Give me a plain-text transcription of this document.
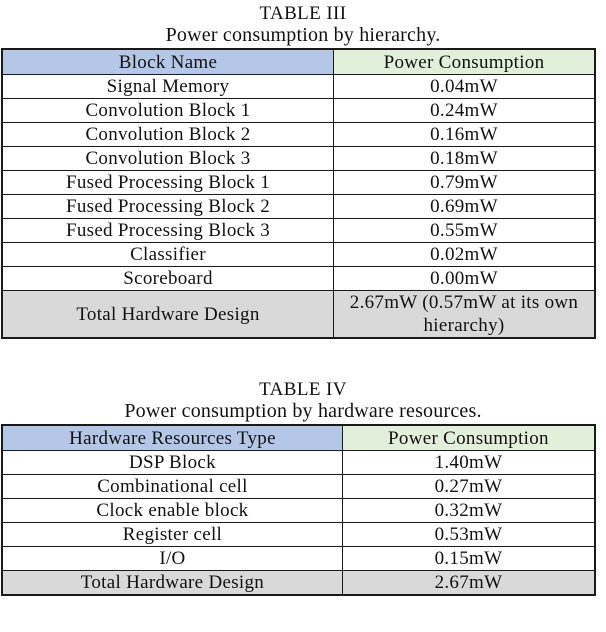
TABLE III
Power consumption by hierarchy.
Block Name	Power Consumption
Signal Memory	0.04mW
Convolution Block 1	0.24mW
Convolution Block 2	0.16mW
Convolution Block 3	0.18mW
Fused Processing Block 1	0.79mW
Fused Processing Block 2	0.69mW
Fused Processing Block 3	0.55mW
Classifier	0.02mW
Scoreboard	0.00mW
Total Hardware Design	2.67mW (0.57mW at its own hierarchy)
TABLE IV
Power consumption by hardware resources.
Hardware Resources Type	Power Consumption
DSP Block	1.40mW
Combinational cell	0.27mW
Clock enable block	0.32mW
Register cell	0.53mW
I/O	0.15mW
Total Hardware Design	2.67mW
